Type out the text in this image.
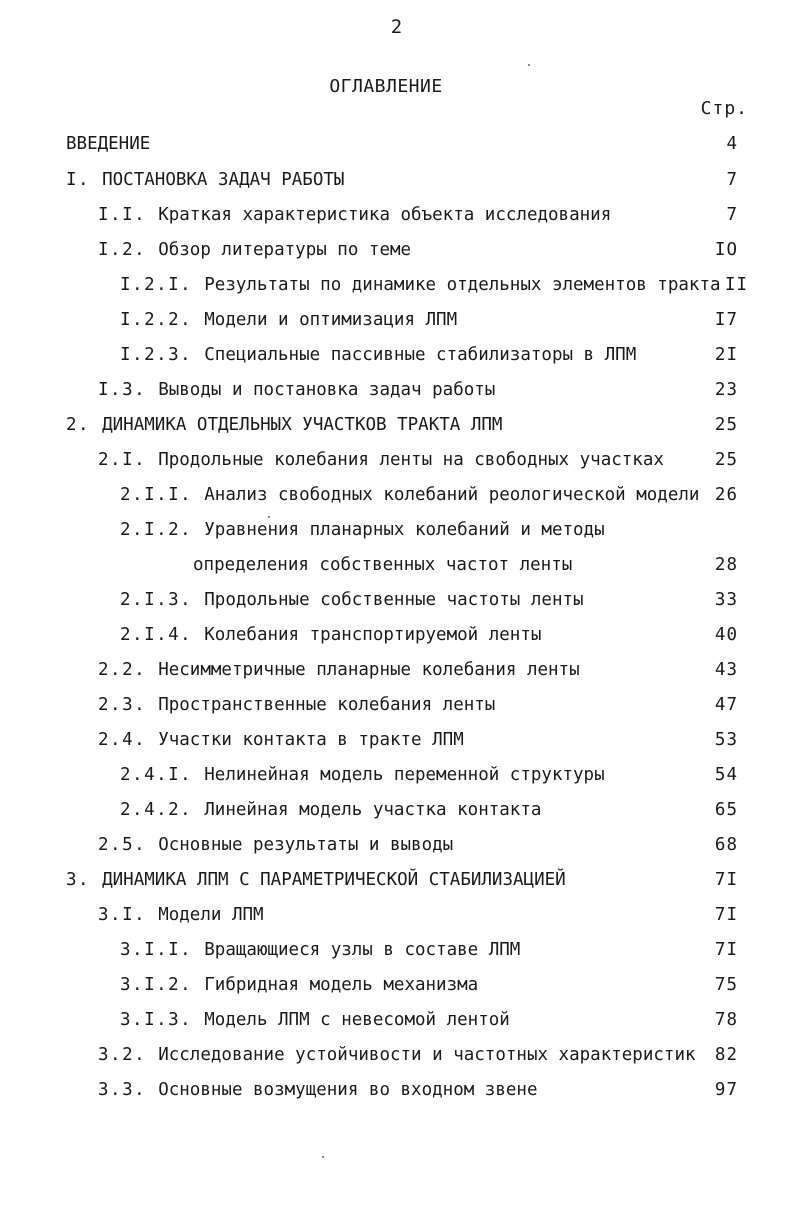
2
ОГЛАВЛЕНИЕ
Стр.
ВВЕДЕНИЕ	4
I. ПОСТАНОВКА ЗАДАЧ РАБОТЫ	7
I.I. Краткая характеристика объекта исследования	7
I.2. Обзор литературы по теме	IO
I.2.I. Результаты по динамике отдельных элементов тракта II
I.2.2. Модели и оптимизация ЛПМ	I7
I.2.3. Специальные пассивные стабилизаторы в ЛПМ	2I
I.3. Выводы и постановка задач работы	23
2. ДИНАМИКА ОТДЕЛЬНЫХ УЧАСТКОВ ТРАКТА ЛПМ	25
2.I. Продольные колебания ленты на свободных участках	25
2.I.I. Анализ свободных колебаний реологической модели 26
2.I.2. Уравнения планарных колебаний и методы
определения собственных частот ленты	28
2.I.3. Продольные собственные частоты ленты	33
2.I.4. Колебания транспортируемой ленты	40
2.2. Несимметричные планарные колебания ленты	43
2.3. Пространственные колебания ленты	47
2.4. Участки контакта в тракте ЛПМ	53
2.4.I. Нелинейная модель переменной структуры	54
2.4.2. Линейная модель участка контакта	65
2.5. Основные результаты и выводы	68
3. ДИНАМИКА ЛПМ С ПАРАМЕТРИЧЕСКОЙ СТАБИЛИЗАЦИЕЙ	7I
3.I. Модели ЛПМ	7I
3.I.I. Вращающиеся узлы в составе ЛПМ	7I
3.I.2. Гибридная модель механизма	75
3.I.3. Модель ЛПМ с невесомой лентой	78
3.2. Исследование устойчивости и частотных характеристик	82
3.3. Основные возмущения во входном звене	97
